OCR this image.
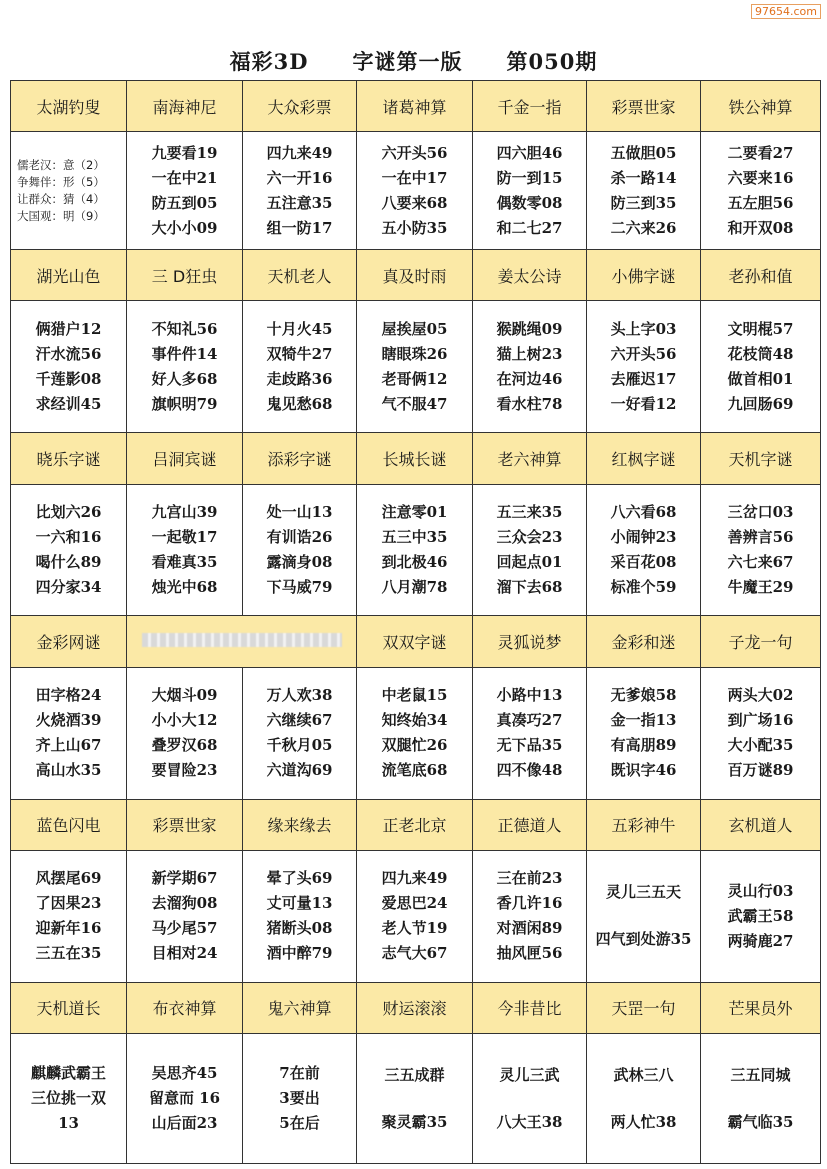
97654.com
福彩3D 字谜第一版 第050期
太湖钓叟	南海神尼	大众彩票	诸葛神算	千金一指	彩票世家	铁公神算

儒老汉：意（2）
争舞伴：形（5）
让群众：猜（4）
大国观：明（9）	九要看19
一在中21
防五到05
大小小09	四九来49
六一开16
五注意35
组一防17	六开头56
一在中17
八要来68
五小防35	四六胆46
防一到15
偶数零08
和二七27	五做胆05
杀一路14
防三到35
二六来26	二要看27
六要来16
五左胆56
和开双08

湖光山色	三 D狂虫	天机老人	真及时雨	姜太公诗	小佛字谜	老孙和值

俩猎户12
汗水流56
千莲影08
求经训45	不知礼56
事件件14
好人多68
旗帜明79	十月火45
双犄牛27
走歧路36
鬼见愁68	屋挨屋05
瞎眼珠26
老哥俩12
气不服47	猴跳绳09
猫上树23
在河边46
看水柱78	头上字03
六开头56
去雁迟17
一好看12	文明棍57
花枝筒48
做首相01
九回肠69

晓乐字谜	吕洞宾谜	添彩字谜	长城长谜	老六神算	红枫字谜	天机字谜

比划六26
一六和16
喝什么89
四分家34	九宫山39
一起敬17
看难真35
烛光中68	处一山13
有训诰26
露滴身08
下马威79	注意零01
五三中35
到北极46
八月潮78	五三来35
三众会23
回起点01
溜下去68	八六看68
小闹钟23
采百花08
标准个59	三岔口03
善辨言56
六七来67
牛魔王29

金彩网谜			双双字谜	灵狐说梦	金彩和迷	子龙一句

田字格24
火烧酒39
齐上山67
高山水35	大烟斗09
小小大12
叠罗汉68
要冒险23	万人欢38
六继续67
千秋月05
六道沟69	中老鼠15
知终始34
双腿忙26
流笔底68	小路中13
真凑巧27
无下品35
四不像48	无爹娘58
金一指13
有高朋89
既识字46	两头大02
到广场16
大小配35
百万谜89

蓝色闪电	彩票世家	缘来缘去	正老北京	正德道人	五彩神牛	玄机道人

风摆尾69
了因果23
迎新年16
三五在35	新学期67
去溜狗08
马少尾57
目相对24	晕了头69
丈可量13
猪断头08
酒中醉79	四九来49
爱思巴24
老人节19
志气大67	三在前23
香几许16
对酒闲89
抽风匣56	灵儿三五天
四气到处游35	灵山行03
武霸王58
两骑鹿27

天机道长	布衣神算	鬼六神算	财运滚滚	今非昔比	天罡一句	芒果员外

麒麟武霸王
三位挑一双
13	吴思齐45
留意而 16
山后面23	7在前
3要出
5在后	三五成群
聚灵霸35	灵儿三武
八大王38	武林三八
两人忙38	三五同城
霸气临35
